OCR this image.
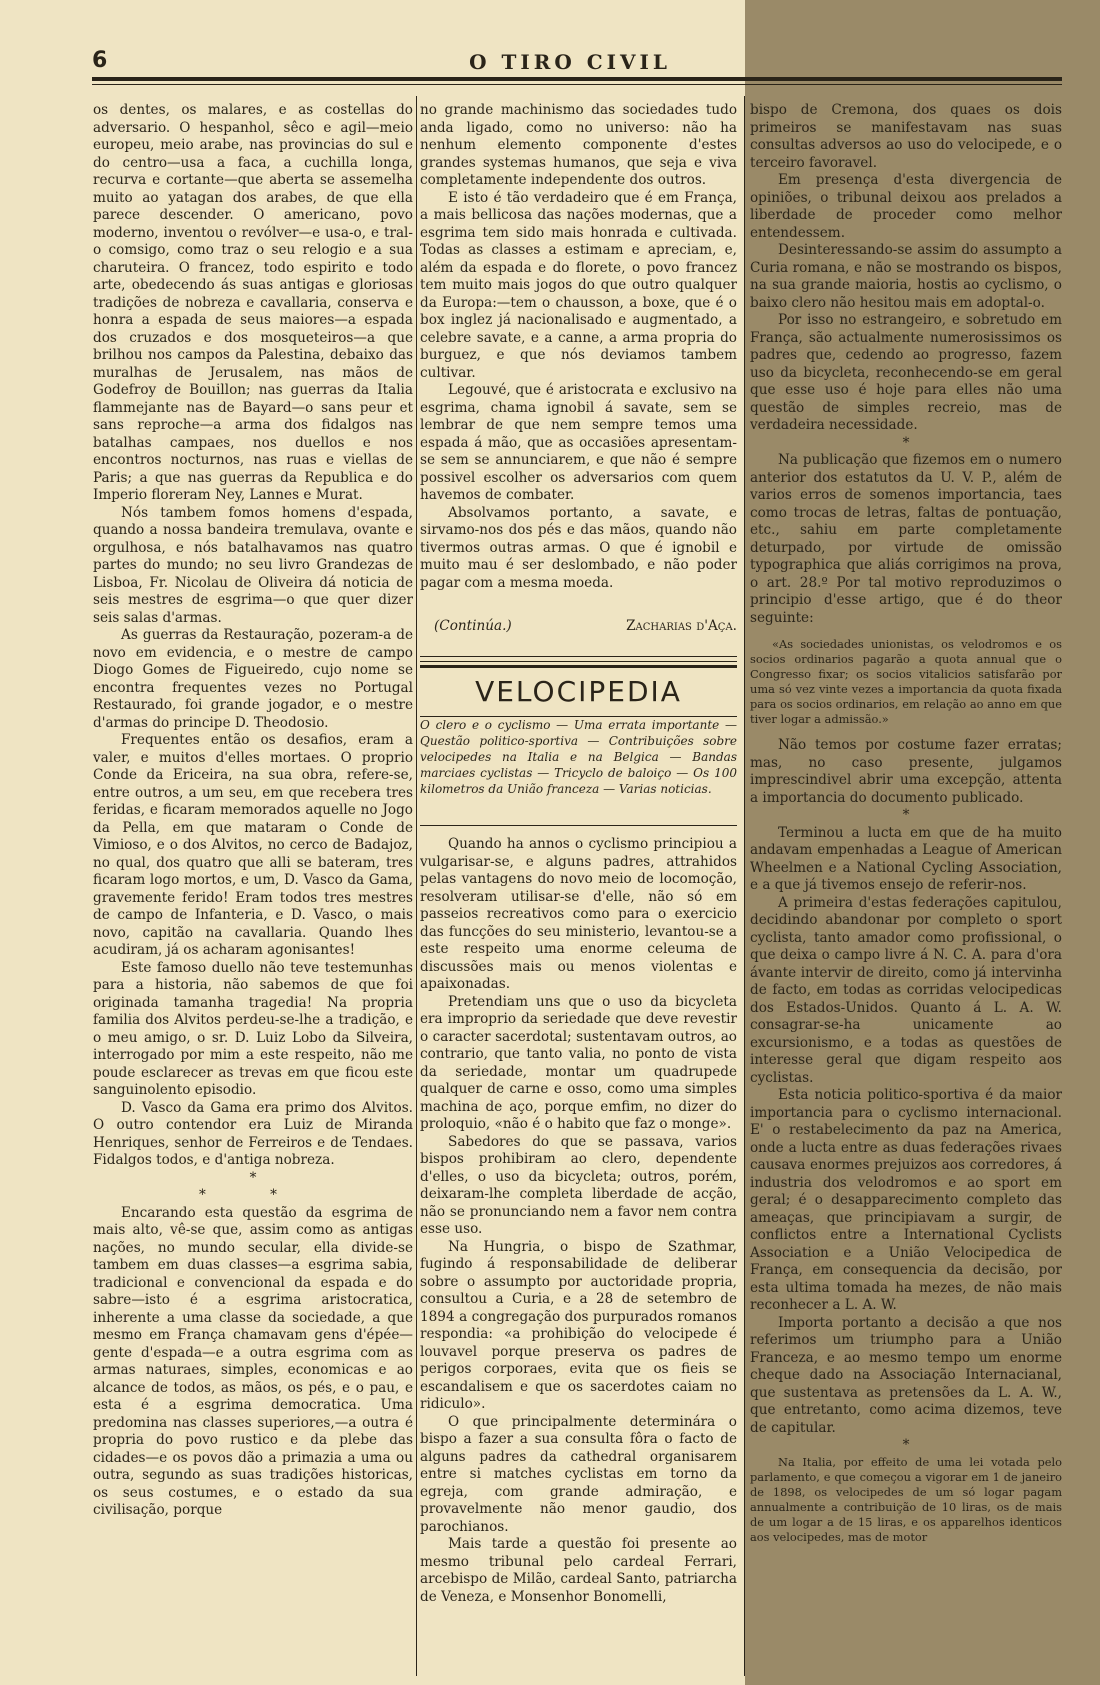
6	O TIRO CIVIL

os dentes, os malares, e as costellas do adversario. O hespanhol, sêco e agil—meio europeu, meio arabe, nas provincias do sul e do centro—usa a faca, a cuchilla longa, recurva e cortante—que aberta se assemelha muito ao yatagan dos arabes, de que ella parece descender. O americano, povo moderno, inventou o revólver—e usa-o, e tral-o comsigo, como traz o seu relogio e a sua charuteira. O francez, todo espirito e todo arte, obedecendo ás suas antigas e gloriosas tradições de nobreza e cavallaria, conserva e honra a espada de seus maiores—a espada dos cruzados e dos mosqueteiros—a que brilhou nos campos da Palestina, debaixo das muralhas de Jerusalem, nas mãos de Godefroy de Bouillon; nas guerras da Italia flammejante nas de Bayard—o sans peur et sans reproche—a arma dos fidalgos nas batalhas campaes, nos duellos e nos encontros nocturnos, nas ruas e viellas de Paris; a que nas guerras da Republica e do Imperio floreram Ney, Lannes e Murat.

Nós tambem fomos homens d'espada, quando a nossa bandeira tremulava, ovante e orgulhosa, e nós batalhavamos nas quatro partes do mundo; no seu livro Grandezas de Lisboa, Fr. Nicolau de Oliveira dá noticia de seis mestres de esgrima—o que quer dizer seis salas d'armas.

As guerras da Restauração, pozeram-a de novo em evidencia, e o mestre de campo Diogo Gomes de Figueiredo, cujo nome se encontra frequentes vezes no Portugal Restaurado, foi grande jogador, e o mestre d'armas do principe D. Theodosio.

Frequentes então os desafios, eram a valer, e muitos d'elles mortaes. O proprio Conde da Ericeira, na sua obra, refere-se, entre outros, a um seu, em que recebera tres feridas, e ficaram memorados aquelle no Jogo da Pella, em que mataram o Conde de Vimioso, e o dos Alvitos, no cerco de Badajoz, no qual, dos quatro que alli se bateram, tres ficaram logo mortos, e um, D. Vasco da Gama, gravemente ferido! Eram todos tres mestres de campo de Infanteria, e D. Vasco, o mais novo, capitão na cavallaria. Quando lhes acudiram, já os acharam agonisantes!

Este famoso duello não teve testemunhas para a historia, não sabemos de que foi originada tamanha tragedia! Na propria familia dos Alvitos perdeu-se-lhe a tradição, e o meu amigo, o sr. D. Luiz Lobo da Silveira, interrogado por mim a este respeito, não me poude esclarecer as trevas em que ficou este sanguinolento episodio.

D. Vasco da Gama era primo dos Alvitos. O outro contendor era Luiz de Miranda Henriques, senhor de Ferreiros e de Tendaes. Fidalgos todos, e d'antiga nobreza.

*

* *

Encarando esta questão da esgrima de mais alto, vê-se que, assim como as antigas nações, no mundo secular, ella divide-se tambem em duas classes—a esgrima sabia, tradicional e convencional da espada e do sabre—isto é a esgrima aristocratica, inherente a uma classe da sociedade, a que mesmo em França chamavam gens d'épée—gente d'espada—e a outra esgrima com as armas naturaes, simples, economicas e ao alcance de todos, as mãos, os pés, e o pau, e esta é a esgrima democratica. Uma predomina nas classes superiores,—a outra é propria do povo rustico e da plebe das cidades—e os povos dão a primazia a uma ou outra, segundo as suas tradições historicas, os seus costumes, e o estado da sua civilisação, porque

no grande machinismo das sociedades tudo anda ligado, como no universo: não ha nenhum elemento componente d'estes grandes systemas humanos, que seja e viva completamente independente dos outros.

E isto é tão verdadeiro que é em França, a mais bellicosa das nações modernas, que a esgrima tem sido mais honrada e cultivada. Todas as classes a estimam e apreciam, e, além da espada e do florete, o povo francez tem muito mais jogos do que outro qualquer da Europa:—tem o chausson, a boxe, que é o box inglez já nacionalisado e augmentado, a celebre savate, e a canne, a arma propria do burguez, e que nós deviamos tambem cultivar.

Legouvé, que é aristocrata e exclusivo na esgrima, chama ignobil á savate, sem se lembrar de que nem sempre temos uma espada á mão, que as occasiões apresentam-se sem se annunciarem, e que não é sempre possivel escolher os adversarios com quem havemos de combater.

Absolvamos portanto, a savate, e sirvamo-nos dos pés e das mãos, quando não tivermos outras armas. O que é ignobil e muito mau é ser deslombado, e não poder pagar com a mesma moeda.

(Continúa.)	Zacharias d'Aça.
VELOCIPEDIA
O clero e o cyclismo — Uma errata importante — Questão politico-sportiva — Contribuições sobre velocipedes na Italia e na Belgica — Bandas marciaes cyclistas — Tricyclo de baloiço — Os 100 kilometros da União franceza — Varias noticias.

Quando ha annos o cyclismo principiou a vulgarisar-se, e alguns padres, attrahidos pelas vantagens do novo meio de locomoção, resolveram utilisar-se d'elle, não só em passeios recreativos como para o exercicio das funcções do seu ministerio, levantou-se a este respeito uma enorme celeuma de discussões mais ou menos violentas e apaixonadas.

Pretendiam uns que o uso da bicycleta era improprio da seriedade que deve revestir o caracter sacerdotal; sustentavam outros, ao contrario, que tanto valia, no ponto de vista da seriedade, montar um quadrupede qualquer de carne e osso, como uma simples machina de aço, porque emfim, no dizer do proloquio, «não é o habito que faz o monge».

Sabedores do que se passava, varios bispos prohibiram ao clero, dependente d'elles, o uso da bicycleta; outros, porém, deixaram-lhe completa liberdade de acção, não se pronunciando nem a favor nem contra esse uso.

Na Hungria, o bispo de Szathmar, fugindo á responsabilidade de deliberar sobre o assumpto por auctoridade propria, consultou a Curia, e a 28 de setembro de 1894 a congregação dos purpurados romanos respondia: «a prohibição do velocipede é louvavel porque preserva os padres de perigos corporaes, evita que os fieis se escandalisem e que os sacerdotes caiam no ridiculo».

O que principalmente determinára o bispo a fazer a sua consulta fôra o facto de alguns padres da cathedral organisarem entre si matches cyclistas em torno da egreja, com grande admiração, e provavelmente não menor gaudio, dos parochianos.

Mais tarde a questão foi presente ao mesmo tribunal pelo cardeal Ferrari, arcebispo de Milão, cardeal Santo, patriarcha de Veneza, e Monsenhor Bonomelli,

bispo de Cremona, dos quaes os dois primeiros se manifestavam nas suas consultas adversos ao uso do velocipede, e o terceiro favoravel.

Em presença d'esta divergencia de opiniões, o tribunal deixou aos prelados a liberdade de proceder como melhor entendessem.

Desinteressando-se assim do assumpto a Curia romana, e não se mostrando os bispos, na sua grande maioria, hostis ao cyclismo, o baixo clero não hesitou mais em adoptal-o.

Por isso no estrangeiro, e sobretudo em França, são actualmente numerosissimos os padres que, cedendo ao progresso, fazem uso da bicycleta, reconhecendo-se em geral que esse uso é hoje para elles não uma questão de simples recreio, mas de verdadeira necessidade.

*

Na publicação que fizemos em o numero anterior dos estatutos da U. V. P., além de varios erros de somenos importancia, taes como trocas de letras, faltas de pontuação, etc., sahiu em parte completamente deturpado, por virtude de omissão typographica que aliás corrigimos na prova, o art. 28.º Por tal motivo reproduzimos o principio d'esse artigo, que é do theor seguinte:

«As sociedades unionistas, os velodromos e os socios ordinarios pagarão a quota annual que o Congresso fixar; os socios vitalicios satisfarão por uma só vez vinte vezes a importancia da quota fixada para os socios ordinarios, em relação ao anno em que tiver logar a admissão.»

Não temos por costume fazer erratas; mas, no caso presente, julgamos imprescindivel abrir uma excepção, attenta a importancia do documento publicado.

*

Terminou a lucta em que de ha muito andavam empenhadas a League of American Wheelmen e a National Cycling Association, e a que já tivemos ensejo de referir-nos.

A primeira d'estas federações capitulou, decidindo abandonar por completo o sport cyclista, tanto amador como profissional, o que deixa o campo livre á N. C. A. para d'ora ávante intervir de direito, como já intervinha de facto, em todas as corridas velocipedicas dos Estados-Unidos. Quanto á L. A. W. consagrar-se-ha unicamente ao excursionismo, e a todas as questões de interesse geral que digam respeito aos cyclistas.

Esta noticia politico-sportiva é da maior importancia para o cyclismo internacional. E' o restabelecimento da paz na America, onde a lucta entre as duas federações rivaes causava enormes prejuizos aos corredores, á industria dos velodromos e ao sport em geral; é o desapparecimento completo das ameaças, que principiavam a surgir, de conflictos entre a International Cyclists Association e a União Velocipedica de França, em consequencia da decisão, por esta ultima tomada ha mezes, de não mais reconhecer a L. A. W.

Importa portanto a decisão a que nos referimos um triumpho para a União Franceza, e ao mesmo tempo um enorme cheque dado na Associação Internacianal, que sustentava as pretensões da L. A. W., que entretanto, como acima dizemos, teve de capitular.

*

Na Italia, por effeito de uma lei votada pelo parlamento, e que começou a vigorar em 1 de janeiro de 1898, os velocipedes de um só logar pagam annualmente a contribuição de 10 liras, os de mais de um logar a de 15 liras, e os apparelhos identicos aos velocipedes, mas de motor
